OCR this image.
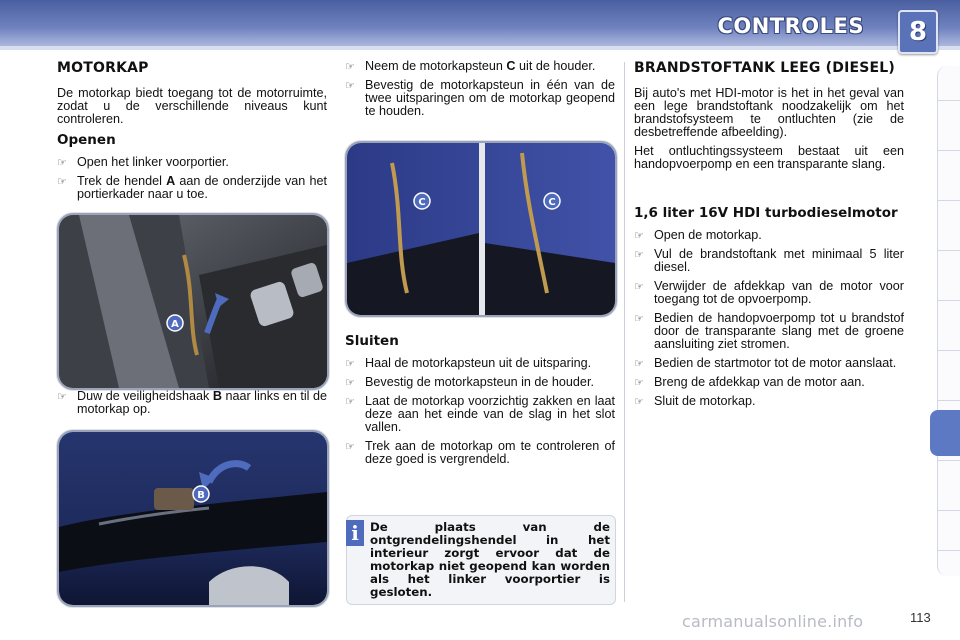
CONTROLES	8
MOTORKAP

De motorkap biedt toegang tot de motorruimte, zodat u de verschillende niveaus kunt controleren.

Openen
☞ Open het linker voorportier.
☞ Trek de hendel A aan de onderzijde van het portierkader naar u toe.
A
☞ Duw de veiligheidshaak B naar links en til de motorkap op.
B
☞ Neem de motorkapsteun C uit de houder.
☞ Bevestig de motorkapsteun in één van de twee uitsparingen om de motorkap geopend te houden.
C	C
Sluiten
☞ Haal de motorkapsteun uit de uitsparing.
☞ Bevestig de motorkapsteun in de houder.
☞ Laat de motorkap voorzichtig zakken en laat deze aan het einde van de slag in het slot vallen.
☞ Trek aan de motorkap om te controleren of deze goed is vergrendeld.
i De plaats van de ontgrendelingshendel in het interieur zorgt ervoor dat de motorkap niet geopend kan worden als het linker voorportier is gesloten.
BRANDSTOFTANK LEEG (DIESEL)

Bij auto's met HDI-motor is het in het geval van een lege brandstoftank noodzakelijk om het brandstofsysteem te ontluchten (zie de desbetreffende afbeelding).

Het ontluchtingssysteem bestaat uit een handopvoerpomp en een transparante slang.

1,6 liter 16V HDI turbodieselmotor
☞ Open de motorkap.
☞ Vul de brandstoftank met minimaal 5 liter diesel.
☞ Verwijder de afdekkap van de motor voor toegang tot de opvoerpomp.
☞ Bedien de handopvoerpomp tot u brandstof door de transparante slang met de groene aansluiting ziet stromen.
☞ Bedien de startmotor tot de motor aanslaat.
☞ Breng de afdekkap van de motor aan.
☞ Sluit de motorkap.
carmanualsonline.info	113
